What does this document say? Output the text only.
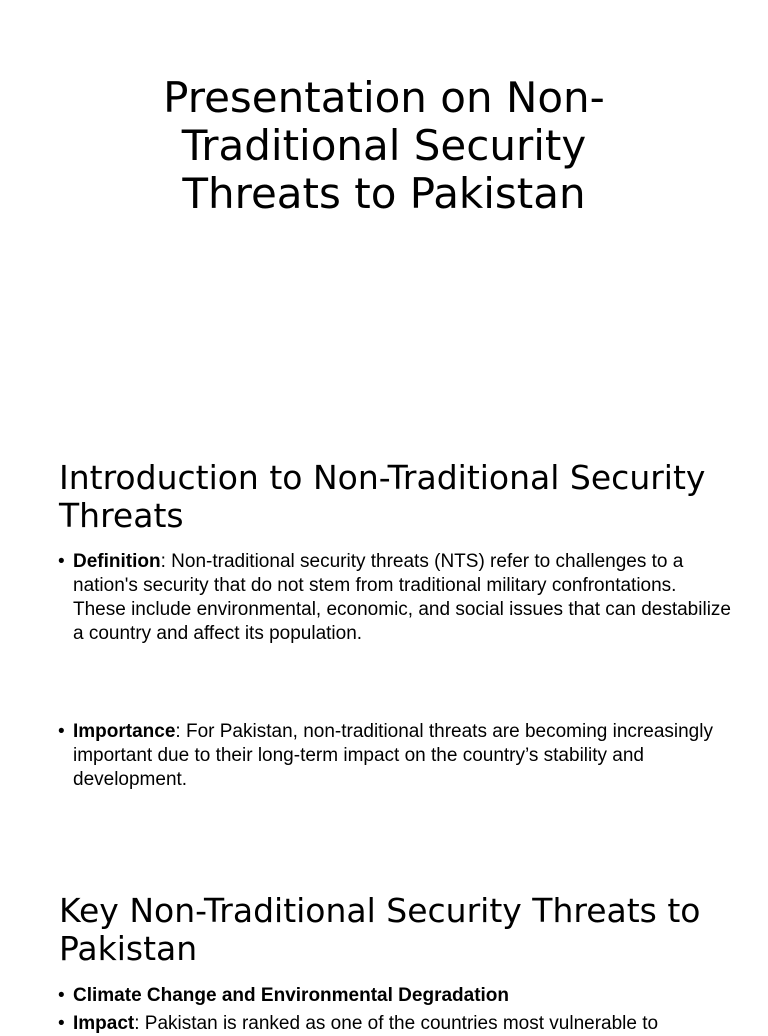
Presentation on Non-Traditional Security Threats to Pakistan
Introduction to Non-Traditional Security Threats
• Definition: Non-traditional security threats (NTS) refer to challenges to a nation's security that do not stem from traditional military confrontations. These include environmental, economic, and social issues that can destabilize a country and affect its population.
• Importance: For Pakistan, non-traditional threats are becoming increasingly important due to their long-term impact on the country’s stability and development.
Key Non-Traditional Security Threats to Pakistan
• Climate Change and Environmental Degradation
• Impact: Pakistan is ranked as one of the countries most vulnerable to
